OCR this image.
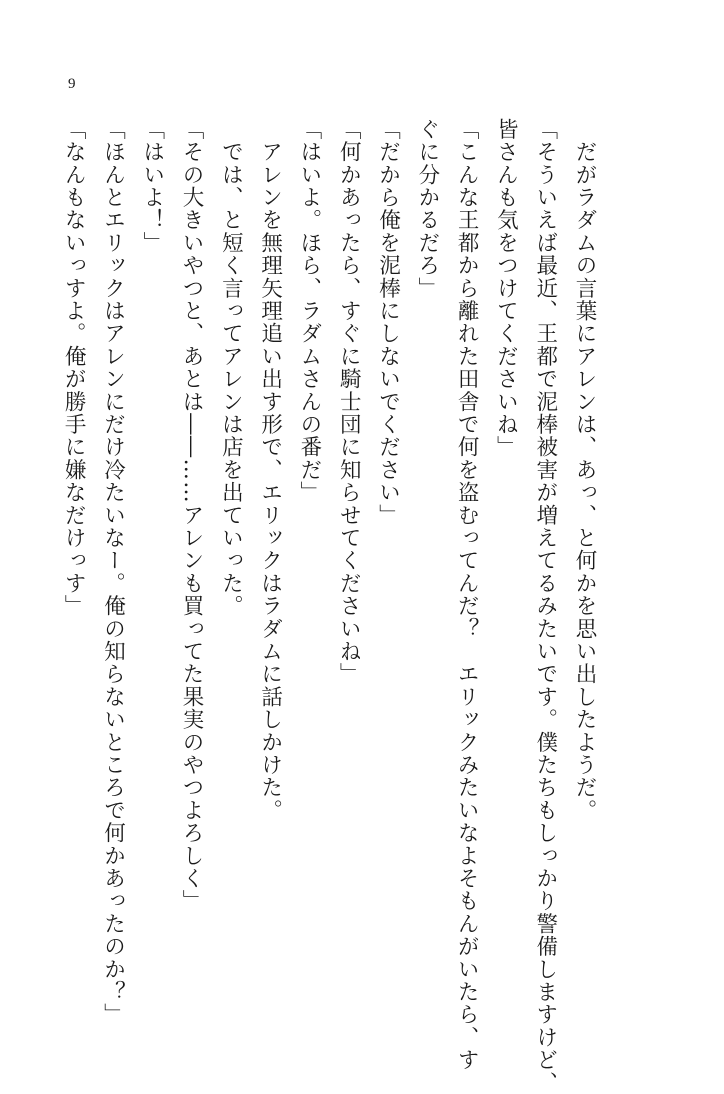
9
　だがラダムの言葉にアレンは、あっ、と何かを思い出したようだ。
「そういえば最近、王都で泥棒被害が増えてるみたいです。僕たちもしっかり警備しますけど、
皆さんも気をつけてくださいね」
「こんな王都から離れた田舎で何を盗むってんだ？　エリックみたいなよそもんがいたら、す
ぐに分かるだろ」
「だから俺を泥棒にしないでください」
「何かあったら、すぐに騎士団に知らせてくださいね」
「はいよ。ほら、ラダムさんの番だ」
　アレンを無理矢理追い出す形で、エリックはラダムに話しかけた。
　では、と短く言ってアレンは店を出ていった。
「その大きいやつと、あとは――……アレンも買ってた果実のやつよろしく」
「はいよ！」
「ほんとエリックはアレンにだけ冷たいなー。俺の知らないところで何かあったのか？」
「なんもないっすよ。俺が勝手に嫌なだけっす」
